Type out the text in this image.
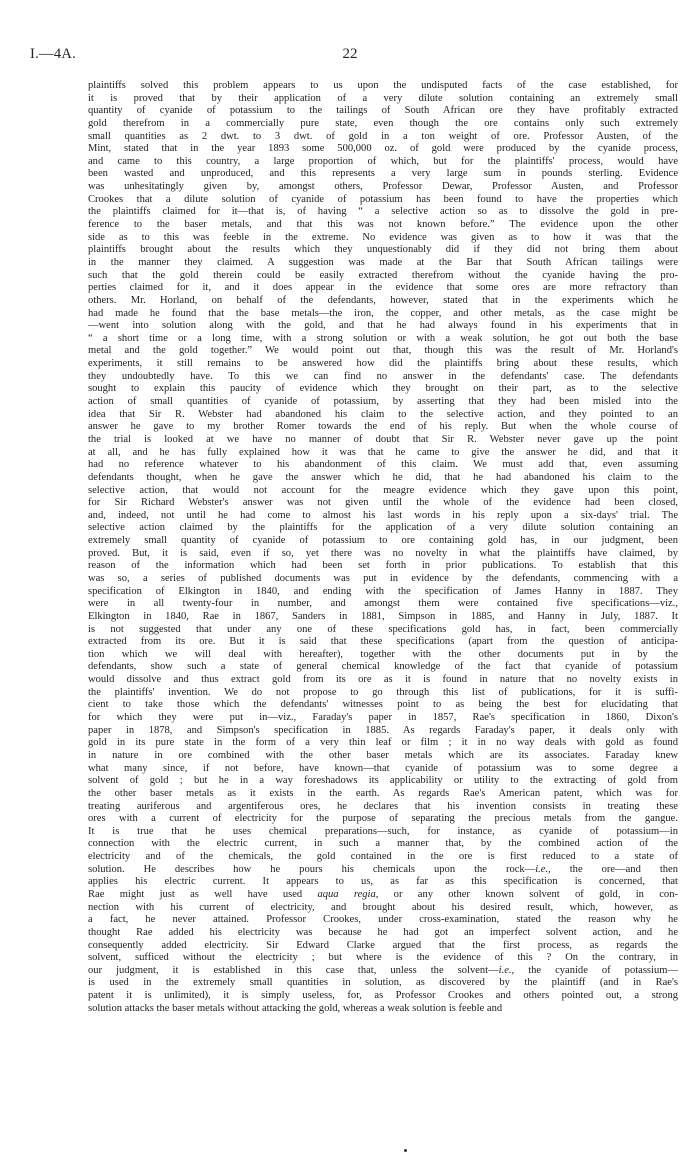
I.—4A.	22
plaintiffs solved this problem appears to us upon the undisputed facts of the case established, for
it is proved that by their application of a very dilute solution containing an extremely small
quantity of cyanide of potassium to the tailings of South African ore they have profitably extracted
gold therefrom in a commercially pure state, even though the ore contains only such extremely
small quantities as 2 dwt. to 3 dwt. of gold in a ton weight of ore. Professor Austen, of the
Mint, stated that in the year 1893 some 500,000 oz. of gold were produced by the cyanide process,
and came to this country, a large proportion of which, but for the plaintiffs' process, would have
been wasted and unproduced, and this represents a very large sum in pounds sterling. Evidence
was unhesitatingly given by, amongst others, Professor Dewar, Professor Austen, and Professor
Crookes that a dilute solution of cyanide of potassium has been found to have the properties which
the plaintiffs claimed for it—that is, of having “ a selective action so as to dissolve the gold in pre-
ference to the baser metals, and that this was not known before.” The evidence upon the other
side as to this was feeble in the extreme. No evidence was given as to how it was that the
plaintiffs brought about the results which they unquestionably did if they did not bring them about
in the manner they claimed. A suggestion was made at the Bar that South African tailings were
such that the gold therein could be easily extracted therefrom without the cyanide having the pro-
perties claimed for it, and it does appear in the evidence that some ores are more refractory than
others. Mr. Horland, on behalf of the defendants, however, stated that in the experiments which he
had made he found that the base metals—the iron, the copper, and other metals, as the case might be
—went into solution along with the gold, and that he had always found in his experiments that in
“ a short time or a long time, with a strong solution or with a weak solution, he got out both the base
metal and the gold together.” We would point out that, though this was the result of Mr. Horland's
experiments, it still remains to be answered how did the plaintiffs bring about these results, which
they undoubtedly have. To this we can find no answer in the defendants' case. The defendants
sought to explain this paucity of evidence which they brought on their part, as to the selective
action of small quantities of cyanide of potassium, by asserting that they had been misled into the
idea that Sir R. Webster had abandoned his claim to the selective action, and they pointed to an
answer he gave to my brother Romer towards the end of his reply. But when the whole course of
the trial is looked at we have no manner of doubt that Sir R. Webster never gave up the point
at all, and he has fully explained how it was that he came to give the answer he did, and that it
had no reference whatever to his abandonment of this claim. We must add that, even assuming
defendants thought, when he gave the answer which he did, that he had abandoned his claim to the
selective action, that would not account for the meagre evidence which they gave upon this point,
for Sir Richard Webster's answer was not given until the whole of the evidence had been closed,
and, indeed, not until he had come to almost his last words in his reply upon a six-days' trial. The
selective action claimed by the plaintiffs for the application of a very dilute solution containing an
extremely small quantity of cyanide of potassium to ore containing gold has, in our judgment, been
proved. But, it is said, even if so, yet there was no novelty in what the plaintiffs have claimed, by
reason of the information which had been set forth in prior publications. To establish that this
was so, a series of published documents was put in evidence by the defendants, commencing with a
specification of Elkington in 1840, and ending with the specification of James Hanny in 1887. They
were in all twenty-four in number, and amongst them were contained five specifications—viz.,
Elkington in 1840, Rae in 1867, Sanders in 1881, Simpson in 1885, and Hanny in July, 1887. It
is not suggested that under any one of these specifications gold has, in fact, been commercially
extracted from its ore. But it is said that these specifications (apart from the question of anticipa-
tion which we will deal with hereafter), together with the other documents put in by the
defendants, show such a state of general chemical knowledge of the fact that cyanide of potassium
would dissolve and thus extract gold from its ore as it is found in nature that no novelty exists in
the plaintiffs' invention. We do not propose to go through this list of publications, for it is suffi-
cient to take those which the defendants' witnesses point to as being the best for elucidating that
for which they were put in—viz., Faraday's paper in 1857, Rae's specification in 1860, Dixon's
paper in 1878, and Simpson's specification in 1885. As regards Faraday's paper, it deals only with
gold in its pure state in the form of a very thin leaf or film ; it in no way deals with gold as found
in nature in ore combined with the other baser metals which are its associates. Faraday knew
what many since, if not before, have known—that cyanide of potassium was to some degree a
solvent of gold ; but he in a way foreshadows its applicability or utility to the extracting of gold from
the other baser metals as it exists in the earth. As regards Rae's American patent, which was for
treating auriferous and argentiferous ores, he declares that his invention consists in treating these
ores with a current of electricity for the purpose of separating the precious metals from the gangue.
It is true that he uses chemical preparations—such, for instance, as cyanide of potassium—in
connection with the electric current, in such a manner that, by the combined action of the
electricity and of the chemicals, the gold contained in the ore is first reduced to a state of
solution. He describes how he pours his chemicals upon the rock—i.e., the ore—and then
applies his electric current. It appears to us, as far as this specification is concerned, that
Rae might just as well have used aqua regia, or any other known solvent of gold, in con-
nection with his current of electricity, and brought about his desired result, which, however, as
a fact, he never attained. Professor Crookes, under cross-examination, stated the reason why he
thought Rae added his electricity was because he had got an imperfect solvent action, and he
consequently added electricity. Sir Edward Clarke argued that the first process, as regards the
solvent, sufficed without the electricity ; but where is the evidence of this ? On the contrary, in
our judgment, it is established in this case that, unless the solvent—i.e., the cyanide of potassium—
is used in the extremely small quantities in solution, as discovered by the plaintiff (and in Rae's
patent it is unlimited), it is simply useless, for, as Professor Crookes and others pointed out, a strong
solution attacks the baser metals without attacking the gold, whereas a weak solution is feeble and
